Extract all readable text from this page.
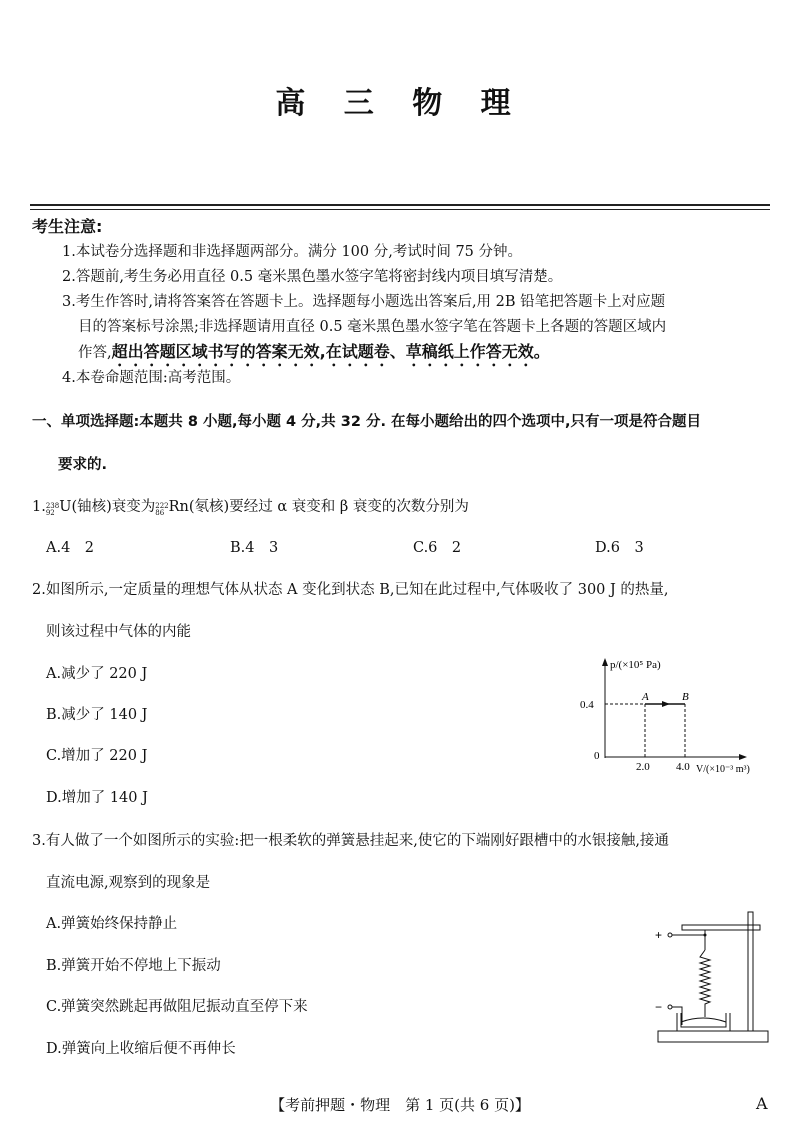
高 三 物 理
考生注意:
1.本试卷分选择题和非选择题两部分。满分 100 分,考试时间 75 分钟。
2.答题前,考生务必用直径 0.5 毫米黑色墨水签字笔将密封线内项目填写清楚。
3.考生作答时,请将答案答在答题卡上。选择题每小题选出答案后,用 2B 铅笔把答题卡上对应题
目的答案标号涂黑;非选择题请用直径 0.5 毫米黑色墨水签字笔在答题卡上各题的答题区域内
作答,超出答题区域书写的答案无效,在试题卷、草稿纸上作答无效。
4.本卷命题范围:高考范围。
一、单项选择题:本题共 8 小题,每小题 4 分,共 32 分. 在每小题给出的四个选项中,只有一项是符合题目
要求的.
1. 238
92 U(铀核)衰变为 222
86 Rn(氡核)要经过 α 衰变和 β 衰变的次数分别为
A.4　2	B.4　3	C.6　2	D.6　3
2.如图所示,一定质量的理想气体从状态 A 变化到状态 B,已知在此过程中,气体吸收了 300 J 的热量,
则该过程中气体的内能
A.减少了 220 J
B.减少了 140 J
C.增加了 220 J
D.增加了 140 J
p/(×10⁵ Pa)
0.4
0
2.0 4.0 V/(×10⁻³ m³)
A	B
3.有人做了一个如图所示的实验:把一根柔软的弹簧悬挂起来,使它的下端刚好跟槽中的水银接触,接通
直流电源,观察到的现象是
A.弹簧始终保持静止
B.弹簧开始不停地上下振动
C.弹簧突然跳起再做阻尼振动直至停下来
D.弹簧向上收缩后便不再伸长
+
−
【考前押题・物理　第 1 页(共 6 页)】	A
